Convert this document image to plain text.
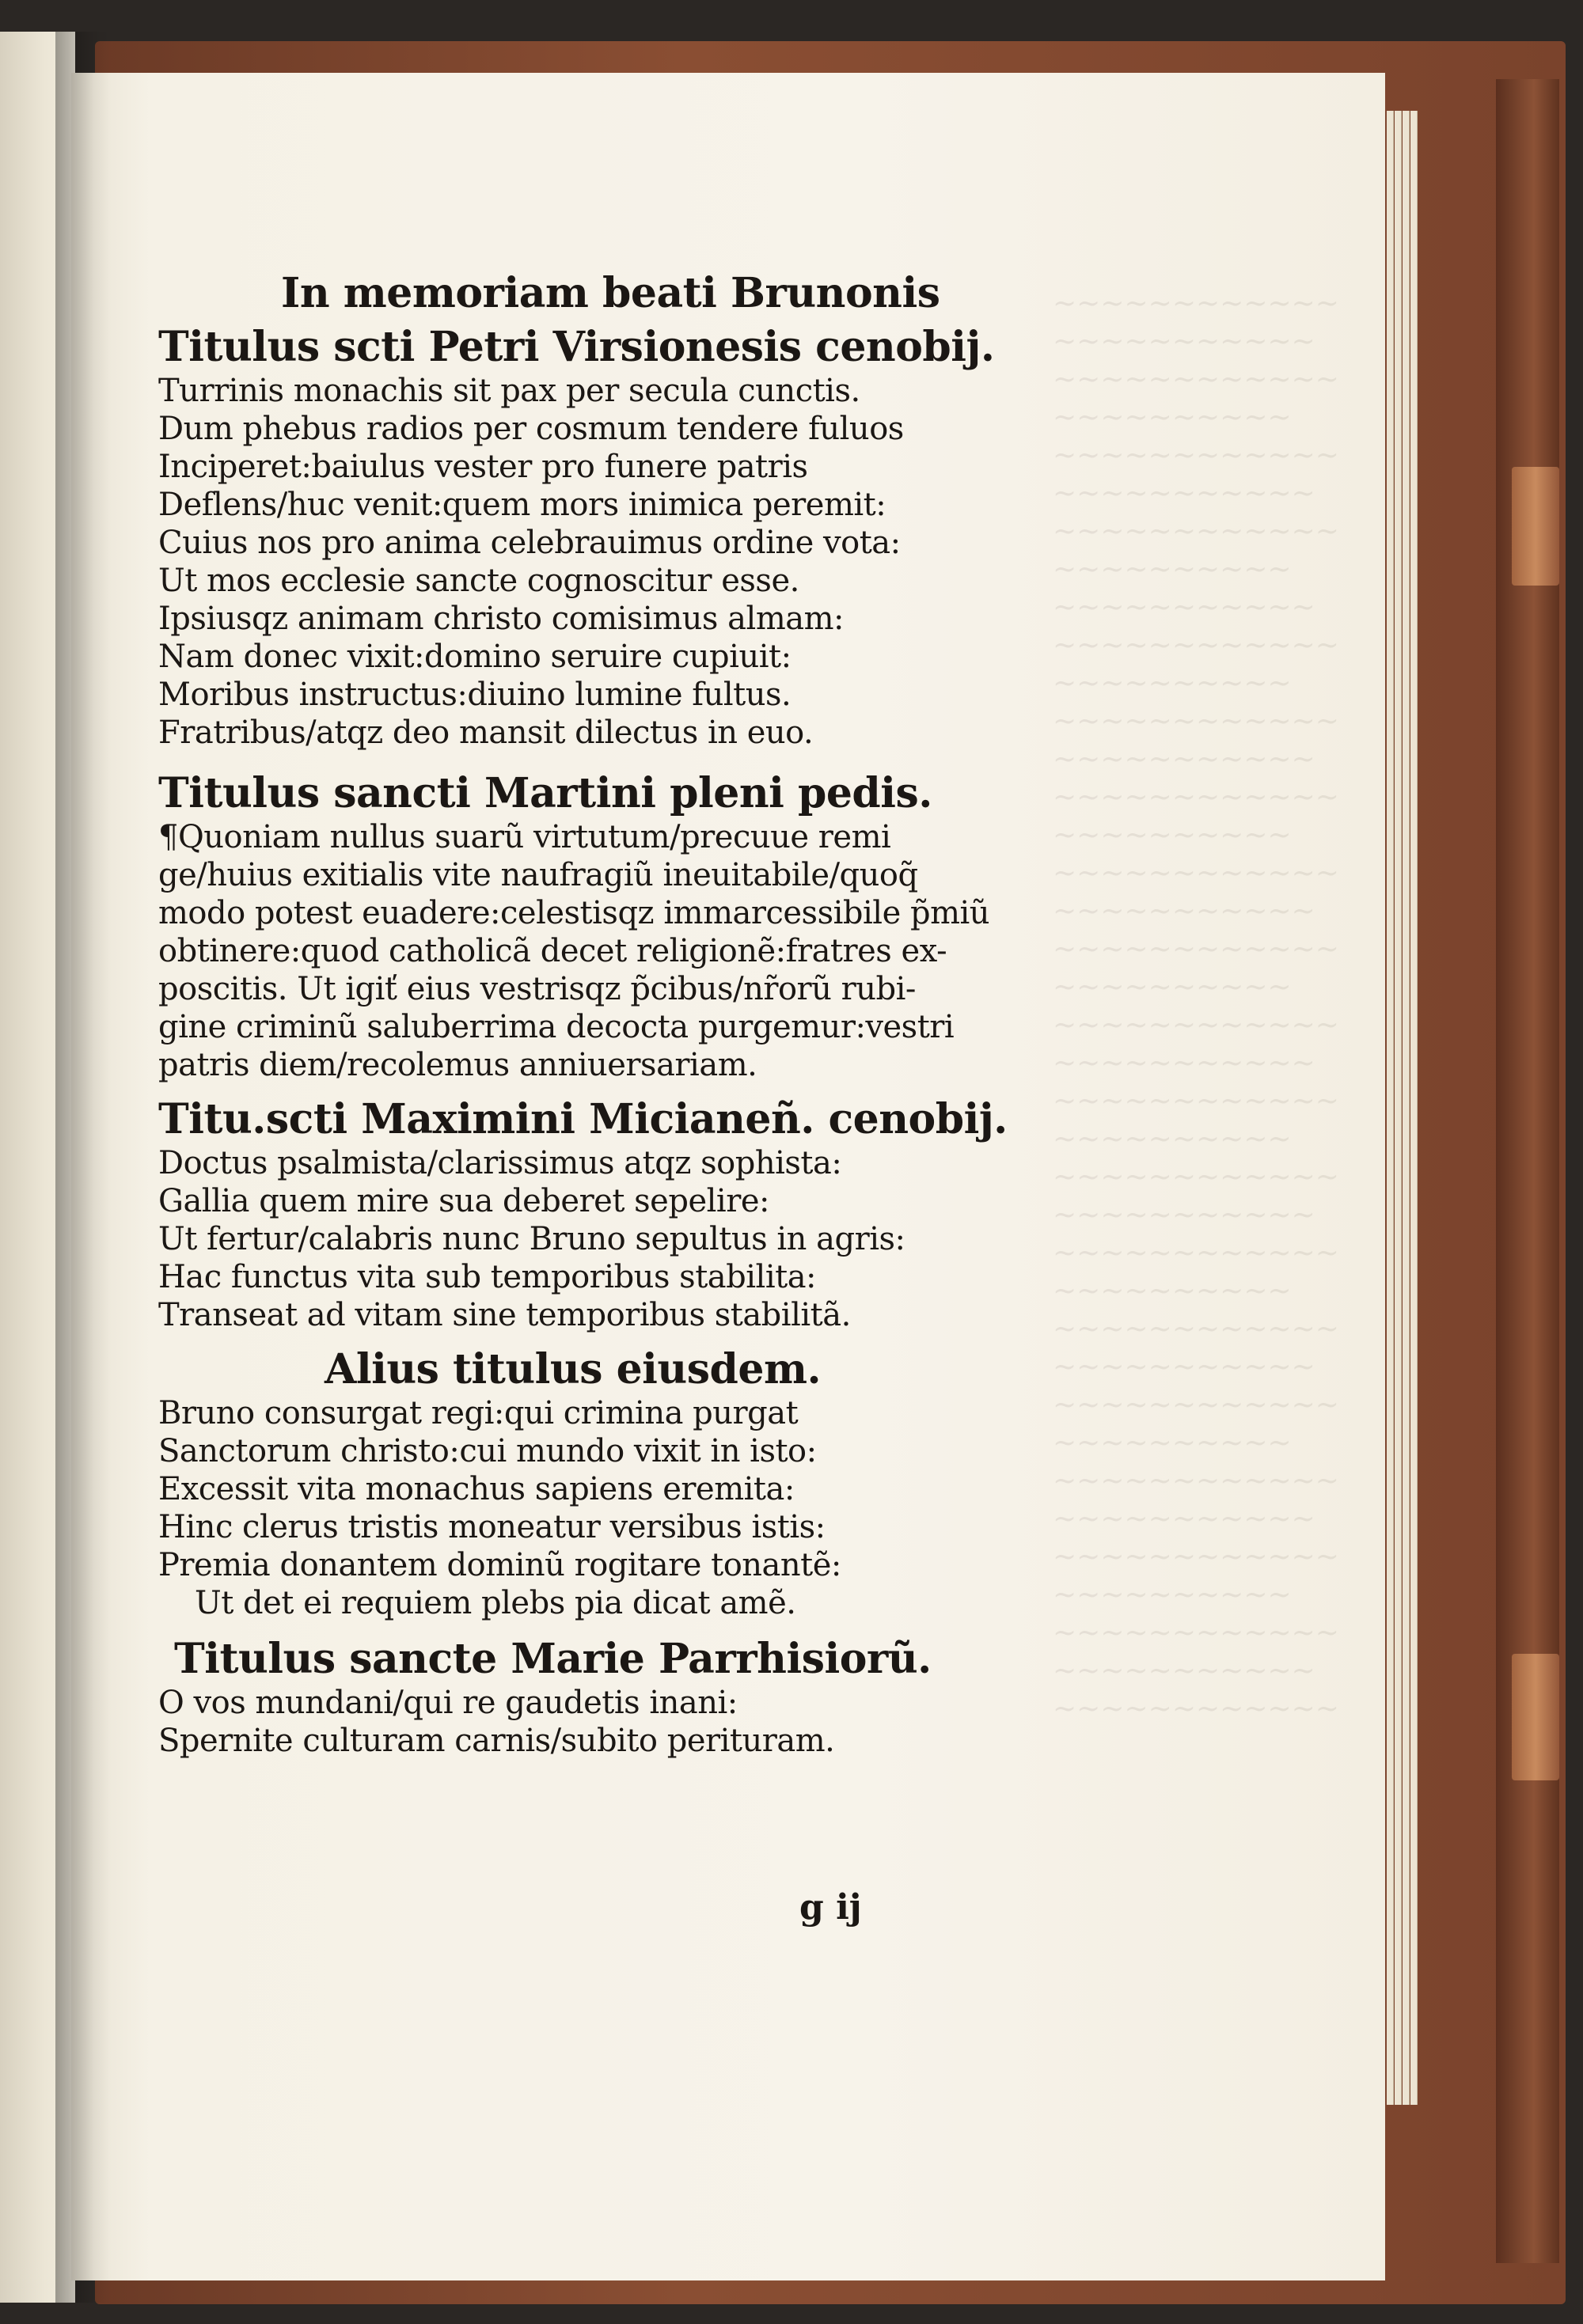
~~~~~~~~~~~~
~~~~~~~~~~~
~~~~~~~~~~~~
~~~~~~~~~~
~~~~~~~~~~~~
~~~~~~~~~~~
~~~~~~~~~~~~
~~~~~~~~~~
~~~~~~~~~~~
~~~~~~~~~~~~
~~~~~~~~~~
~~~~~~~~~~~~
~~~~~~~~~~~
~~~~~~~~~~~~
~~~~~~~~~~
~~~~~~~~~~~~
~~~~~~~~~~~
~~~~~~~~~~~~
~~~~~~~~~~
~~~~~~~~~~~~
~~~~~~~~~~~
~~~~~~~~~~~~
~~~~~~~~~~
~~~~~~~~~~~~
~~~~~~~~~~~
~~~~~~~~~~~~
~~~~~~~~~~
~~~~~~~~~~~~
~~~~~~~~~~~
~~~~~~~~~~~~
~~~~~~~~~~
~~~~~~~~~~~~
~~~~~~~~~~~
~~~~~~~~~~~~
~~~~~~~~~~
~~~~~~~~~~~~
~~~~~~~~~~~
~~~~~~~~~~~~
In memoriam beati Brunonis
Titulus scti Petri Virsionesis cenobij.
Turrinis monachis sit pax per secula cunctis.
Dum phebus radios per cosmum tendere fuluos
Inciperet:baiulus vester pro funere patris
Deflens/huc venit:quem mors inimica peremit:
Cuius nos pro anima celebrauimus ordine vota:
Ut mos ecclesie sancte cognoscitur esse.
Ipsiusqz animam christo comisimus almam:
Nam donec vixit:domino seruire cupiuit:
Moribus instructus:diuino lumine fultus.
Fratribus/atqz deo mansit dilectus in euo.
Titulus sancti Martini pleni pedis.
¶Quoniam nullus suarũ virtutum/precuue remi
ge/huius exitialis vite naufragiũ ineuitabile/quoq̃
modo potest euadere:celestisqz immarcessibile p̃miũ
obtinere:quod catholicã decet religionẽ:fratres ex-
poscitis. Ut igiť eius vestrisqz p̃cibus/nr̃orũ rubi-
gine criminũ saluberrima decocta purgemur:vestri
patris diem/recolemus anniuersariam.
Titu.scti Maximini Micianeñ. cenobij.
Doctus psalmista/clarissimus atqz sophista:
Gallia quem mire sua deberet sepelire:
Ut fertur/calabris nunc Bruno sepultus in agris:
Hac functus vita sub temporibus stabilita:
Transeat ad vitam sine temporibus stabilitã.
Alius titulus eiusdem.
Bruno consurgat regi:qui crimina purgat
Sanctorum christo:cui mundo vixit in isto:
Excessit vita monachus sapiens eremita:
Hinc clerus tristis moneatur versibus istis:
Premia donantem dominũ rogitare tonantẽ:
Ut det ei requiem plebs pia dicat amẽ.
Titulus sancte Marie Parrhisiorũ.
O vos mundani/qui re gaudetis inani:
Spernite culturam carnis/subito perituram.
g ij
